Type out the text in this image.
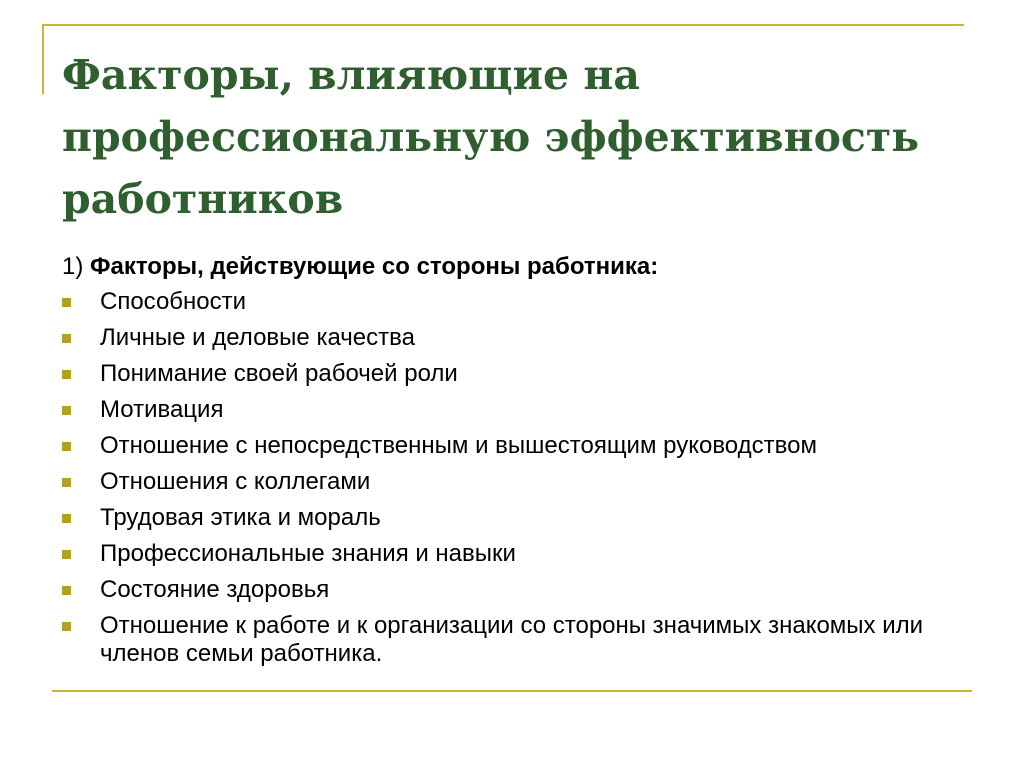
Факторы, влияющие на профессиональную эффективность работников

1) Факторы, действующие со стороны работника:

Способности
Личные и деловые качества
Понимание своей рабочей роли
Мотивация
Отношение с непосредственным и вышестоящим руководством
Отношения с коллегами
Трудовая этика и мораль
Профессиональные знания и навыки
Состояние здоровья
Отношение к работе и к организации со стороны значимых знакомых или членов семьи работника.
